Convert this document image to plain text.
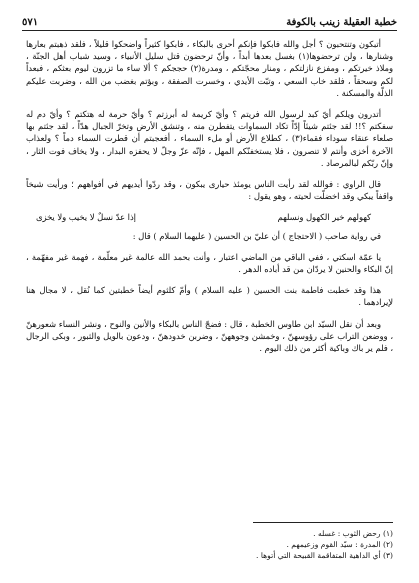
خطبة العقيلة زينب بالكوفة
٥٧١

أتبكون وتنتحبون ؟ أجل والله فابكوا فإنكم أحرى بالبكاء ، فابكوا كثيراً واضحكوا قليلاً ، فلقد ذهبتم بعارها وشنارها ، ولن ترحضوها(١) بغسل بعدها أبداً ، وأنّ ترحضون قتل سليل الأنبياء ، وسيد شباب أهل الجنّة ، وملاذ خيرتكم ، ومفزع نازلتكم ، ومنار محجّتكم ، ومدرة(٢) حججكم ؟ ألا ساء ما تزرون ليوم بعثكم ، فبعداً لكم وسحقاً ، فلقد خاب السعي ، وتبّت الأيدي ، وخسرت الصفقة ، وبؤتم بغضب من الله ، وضربت عليكم الذلّة والمسكنة .

أتدرون ويلكم أيّ كبد لرسول الله فريتم ؟ وأيّ كريمة له أبرزتم ؟ وأيّ حرمة له هتكتم ؟ وأيّ دم له سفكتم ؟!! لقد جئتم شيئاً إدّاً تكاد السماوات يتفطرن منه ، وتنشق الأرض وتخرّ الجبال هدّاً ، لقد جئتم بها صلعاء عنقاء سوداء فقماء(٣) ، كطلاع الأرض أو ملء السماء ، أفعجبتم أن قطرت السماء دماً ؟ ولعذاب الآخرة أخزى وأنتم لا تنصرون ، فلا يستخفنّكم المهل ، فإنّه عزّ وجلّ لا يحفزه البدار ، ولا يخاف فوت الثار ، وإنّ ربّكم لبالمرصاد .

قال الراوي : فوالله لقد رأيت الناس يومئذ حيارى يبكون ، وقد ردّوا أيديهم في أفواههم ؛ ورأيت شيخاً واقفاً يبكي وقد اخضلّت لحيته ، وهو يقول :

كهولهم خير الكهول ونسلهم
إذا عدّ نسلٌ لا يخيب ولا يخزى

في رواية صاحب ( الاحتجاج ) أن عليّ بن الحسين ( عليهما السلام ) قال :

يا عمّة اسكتي ، ففي الباقي من الماضي اعتبار ، وأنت بحمد الله عالمة غير معلّمة ، فهمة غير مفهّمة ، إنّ البكاء والحنين لا يردّان من قد أباده الدهر .

هذا وقد خطبت فاطمة بنت الحسين ( عليه السلام ) وأمّ كلثوم أيضاً خطبتين كما نُقل ، لا مجال هنا لإيرادهما .

وبعد أن نقل السيّد ابن طاوس الخطبة ، قال : فضجّ الناس بالبكاء والأنين والنوح ، ونشر النساء شعورهنّ ، ووضعن التراب على رؤوسهنّ ، وخمشن وجوههنّ ، وضربن خدودهنّ ، ودعون بالويل والثبور ، وبكى الرجال ، فلم ير باك وباكية أكثر من ذلك اليوم .

(١) رحض الثوب : غسله .
(٢) المدرة : سيّد القوم وزعيمهم .
(٣) أي الداهية المتفاقمة القبيحة التي أتوها .
